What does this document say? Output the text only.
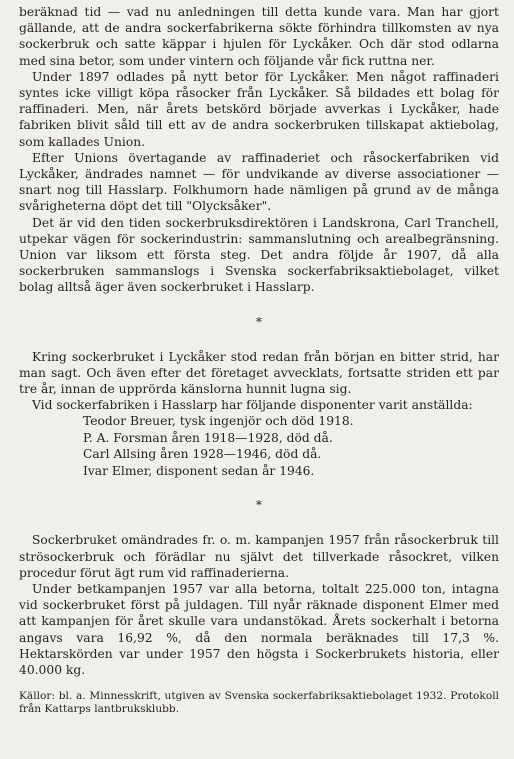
beräknad tid — vad nu anledningen till detta kunde vara. Man har gjort gällande, att de andra sockerfabrikerna sökte förhindra tillkomsten av nya sockerbruk och satte käppar i hjulen för Lyckåker. Och där stod odlarna med sina betor, som under vintern och följande vår fick ruttna ner.

Under 1897 odlades på nytt betor för Lyckåker. Men något raffinaderi syntes icke villigt köpa råsocker från Lyckåker. Så bildades ett bolag för raffinaderi. Men, när årets betskörd började avverkas i Lyckåker, hade fabriken blivit såld till ett av de andra sockerbruken tillskapat aktiebolag, som kallades Union.

Efter Unions övertagande av raffinaderiet och råsockerfabriken vid Lyckåker, ändrades namnet — för undvikande av diverse associationer — snart nog till Hasslarp. Folkhumorn hade nämligen på grund av de många svårigheterna döpt det till "Olycksåker".

Det är vid den tiden sockerbruksdirektören i Landskrona, Carl Tranchell, utpekar vägen för sockerindustrin: sammanslutning och arealbegränsning. Union var liksom ett första steg. Det andra följde år 1907, då alla sockerbruken sammanslogs i Svenska sockerfabriksaktiebolaget, vilket bolag alltså äger även sockerbruket i Hasslarp.

*

Kring sockerbruket i Lyckåker stod redan från början en bitter strid, har man sagt. Och även efter det företaget avvecklats, fortsatte striden ett par tre år, innan de upprörda känslorna hunnit lugna sig.

Vid sockerfabriken i Hasslarp har följande disponenter varit anställda:

Teodor Breuer, tysk ingenjör och död 1918.
P. A. Forsman åren 1918—1928, död då.
Carl Allsing åren 1928—1946, död då.
Ivar Elmer, disponent sedan år 1946.
*

Sockerbruket omändrades fr. o. m. kampanjen 1957 från råsockerbruk till strösockerbruk och förädlar nu självt det tillverkade råsockret, vilken procedur förut ägt rum vid raffinaderierna.

Under betkampanjen 1957 var alla betorna, toltalt 225.000 ton, intagna vid sockerbruket först på juldagen. Till nyår räknade disponent Elmer med att kampanjen för året skulle vara undanstökad. Årets sockerhalt i betorna angavs vara 16,92 %, då den normala beräknades till 17,3 %. Hektarskörden var under 1957 den högsta i Sockerbrukets historia, eller 40.000 kg.

Källor: bl. a. Minnesskrift, utgiven av Svenska sockerfabriksaktiebolaget 1932. Protokoll från Kattarps lantbruksklubb.
